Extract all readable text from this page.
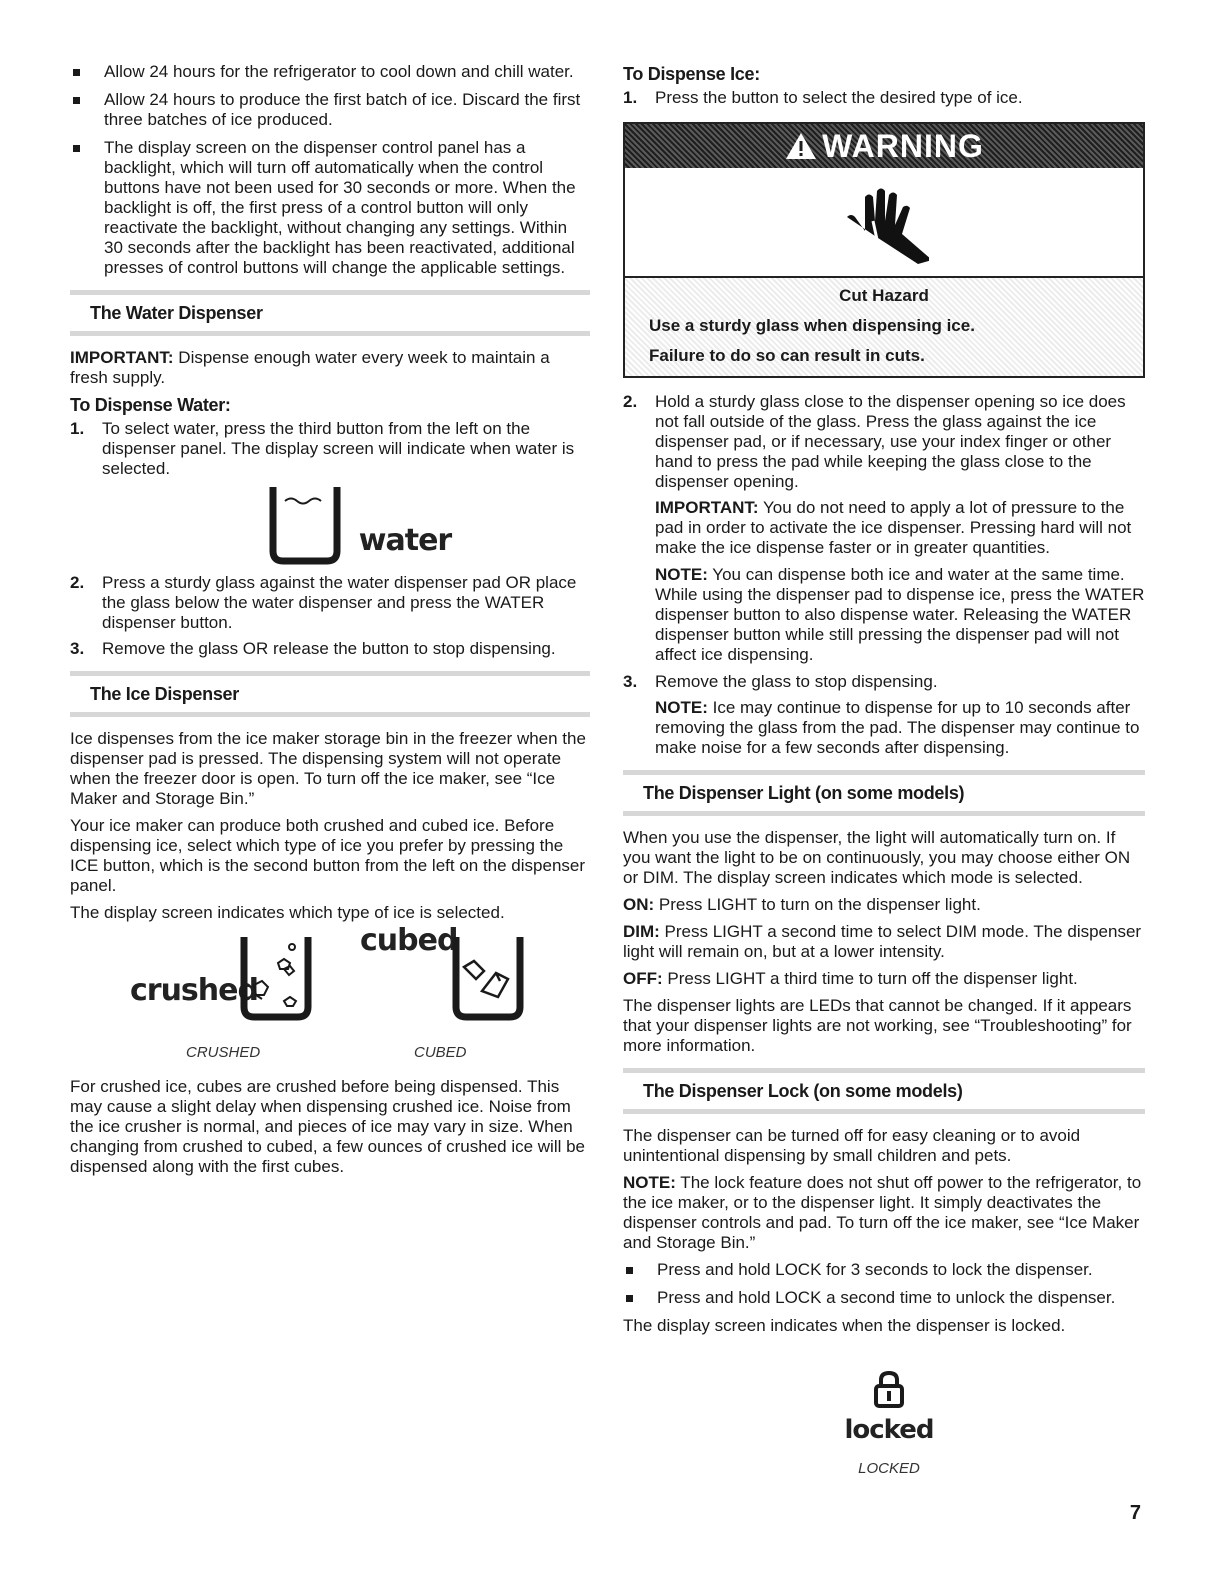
Allow 24 hours for the refrigerator to cool down and chill water.
Allow 24 hours to produce the first batch of ice. Discard the first three batches of ice produced.
The display screen on the dispenser control panel has a backlight, which will turn off automatically when the control buttons have not been used for 30 seconds or more. When the backlight is off, the first press of a control button will only reactivate the backlight, without changing any settings. Within 30 seconds after the backlight has been reactivated, additional presses of control buttons will change the applicable settings.
The Water Dispenser

IMPORTANT: Dispense enough water every week to maintain a fresh supply.

To Dispense Water:
1.	To select water, press the third button from the left on the dispenser panel. The display screen will indicate when water is selected.
water
2.	Press a sturdy glass against the water dispenser pad OR place the glass below the water dispenser and press the WATER dispenser button.
3.	Remove the glass OR release the button to stop dispensing.
The Ice Dispenser

Ice dispenses from the ice maker storage bin in the freezer when the dispenser pad is pressed. The dispensing system will not operate when the freezer door is open. To turn off the ice maker, see “Ice Maker and Storage Bin.”

Your ice maker can produce both crushed and cubed ice. Before dispensing ice, select which type of ice you prefer by pressing the ICE button, which is the second button from the left on the dispenser panel.

The display screen indicates which type of ice is selected.

crushed
cubed
CRUSHED	CUBED

For crushed ice, cubes are crushed before being dispensed. This may cause a slight delay when dispensing crushed ice. Noise from the ice crusher is normal, and pieces of ice may vary in size. When changing from crushed to cubed, a few ounces of crushed ice will be dispensed along with the first cubes.

To Dispense Ice:
1.	Press the button to select the desired type of ice.
WARNING
Cut Hazard

Use a sturdy glass when dispensing ice.

Failure to do so can result in cuts.

2.	Hold a sturdy glass close to the dispenser opening so ice does not fall outside of the glass. Press the glass against the ice dispenser pad, or if necessary, use your index finger or other hand to press the pad while keeping the glass close to the dispenser opening.

IMPORTANT: You do not need to apply a lot of pressure to the pad in order to activate the ice dispenser. Pressing hard will not make the ice dispense faster or in greater quantities.

NOTE: You can dispense both ice and water at the same time. While using the dispenser pad to dispense ice, press the WATER dispenser button to also dispense water. Releasing the WATER dispenser button while still pressing the dispenser pad will not affect ice dispensing.

3.	Remove the glass to stop dispensing.

NOTE: Ice may continue to dispense for up to 10 seconds after removing the glass from the pad. The dispenser may continue to make noise for a few seconds after dispensing.

The Dispenser Light (on some models)

When you use the dispenser, the light will automatically turn on. If you want the light to be on continuously, you may choose either ON or DIM. The display screen indicates which mode is selected.

ON: Press LIGHT to turn on the dispenser light.

DIM: Press LIGHT a second time to select DIM mode. The dispenser light will remain on, but at a lower intensity.

OFF: Press LIGHT a third time to turn off the dispenser light.

The dispenser lights are LEDs that cannot be changed. If it appears that your dispenser lights are not working, see “Troubleshooting” for more information.

The Dispenser Lock (on some models)

The dispenser can be turned off for easy cleaning or to avoid unintentional dispensing by small children and pets.

NOTE: The lock feature does not shut off power to the refrigerator, to the ice maker, or to the dispenser light. It simply deactivates the dispenser controls and pad. To turn off the ice maker, see “Ice Maker and Storage Bin.”

Press and hold LOCK for 3 seconds to lock the dispenser.
Press and hold LOCK a second time to unlock the dispenser.

The display screen indicates when the dispenser is locked.

locked
LOCKED
7
